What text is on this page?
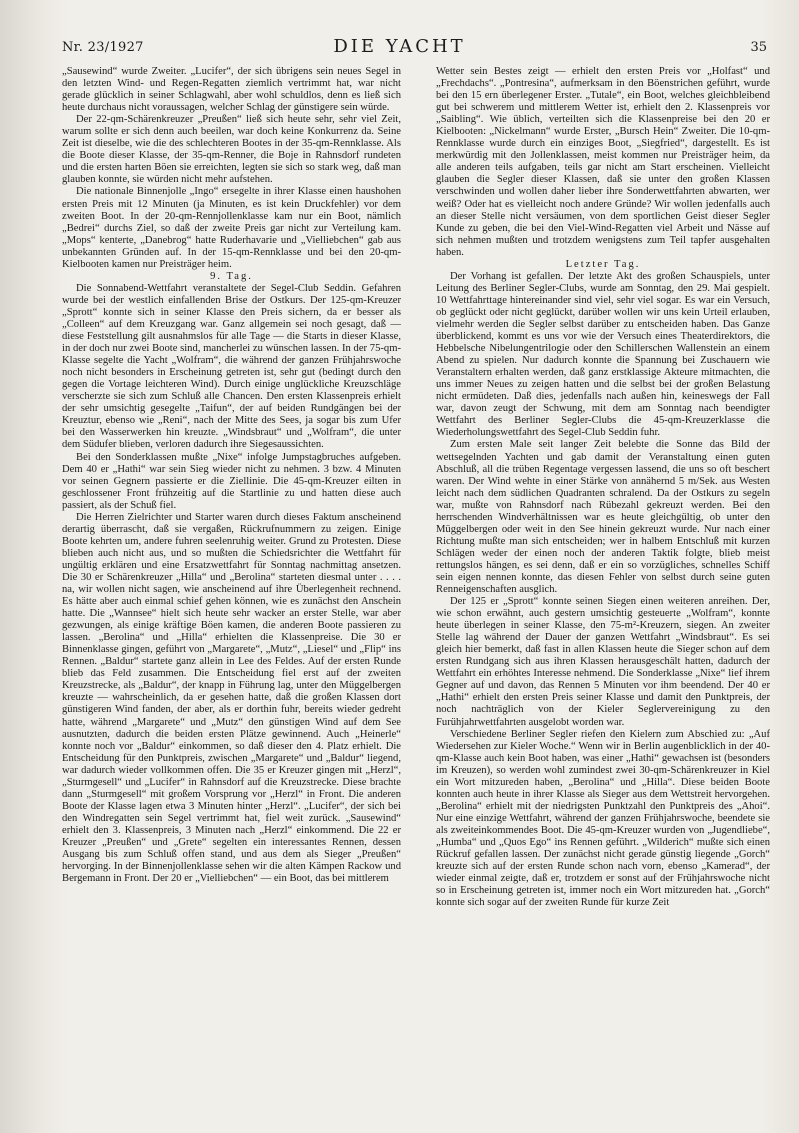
Nr. 23/1927	DIE YACHT	35

„Sausewind“ wurde Zweiter. „Lucifer“, der sich übrigens sein neues Segel in den letzten Wind- und Regen-Regatten ziemlich vertrimmt hat, war nicht gerade glücklich in seiner Schlagwahl, aber wohl schuldlos, denn es ließ sich heute durchaus nicht voraussagen, welcher Schlag der günstigere sein würde.

Der 22-qm-Schärenkreuzer „Preußen“ ließ sich heute sehr, sehr viel Zeit, warum sollte er sich denn auch beeilen, war doch keine Konkurrenz da. Seine Zeit ist dieselbe, wie die des schlechteren Bootes in der 35-qm-Rennklasse. Als die Boote dieser Klasse, der 35-qm-Renner, die Boje in Rahnsdorf rundeten und die ersten harten Böen sie erreichten, legten sie sich so stark weg, daß man glauben konnte, sie würden nicht mehr aufstehen.

Die nationale Binnenjolle „Ingo“ ersegelte in ihrer Klasse einen haushohen ersten Preis mit 12 Minuten (ja Minuten, es ist kein Druckfehler) vor dem zweiten Boot. In der 20-qm-Rennjollenklasse kam nur ein Boot, nämlich „Bedrei“ durchs Ziel, so daß der zweite Preis gar nicht zur Verteilung kam. „Mops“ kenterte, „Danebrog“ hatte Ruderhavarie und „Vielliebchen“ gab aus unbekannten Gründen auf. In der 15-qm-Rennklasse und bei den 20-qm-Kielbooten kamen nur Preisträger heim.

9. Tag.

Die Sonnabend-Wettfahrt veranstaltete der Segel-Club Seddin. Gefahren wurde bei der westlich einfallenden Brise der Ostkurs. Der 125-qm-Kreuzer „Sprott“ konnte sich in seiner Klasse den Preis sichern, da er besser als „Colleen“ auf dem Kreuzgang war. Ganz allgemein sei noch gesagt, daß — diese Feststellung gilt ausnahmslos für alle Tage — die Starts in dieser Klasse, in der doch nur zwei Boote sind, mancherlei zu wünschen lassen. In der 75-qm-Klasse segelte die Yacht „Wolfram“, die während der ganzen Frühjahrswoche noch nicht besonders in Erscheinung getreten ist, sehr gut (bedingt durch den gegen die Vortage leichteren Wind). Durch einige unglückliche Kreuzschläge verscherzte sie sich zum Schluß alle Chancen. Den ersten Klassenpreis erhielt der sehr umsichtig gesegelte „Taifun“, der auf beiden Rundgängen bei der Kreuztur, ebenso wie „Reni“, nach der Mitte des Sees, ja sogar bis zum Ufer bei den Wasserwerken hin kreuzte. „Windsbraut“ und „Wolfram“, die unter dem Südufer blieben, verloren dadurch ihre Siegesaussichten.

Bei den Sonderklassen mußte „Nixe“ infolge Jumpstagbruches aufgeben. Dem 40 er „Hathi“ war sein Sieg wieder nicht zu nehmen. 3 bzw. 4 Minuten vor seinen Gegnern passierte er die Ziellinie. Die 45-qm-Kreuzer eilten in geschlossener Front frühzeitig auf die Startlinie zu und hatten diese auch passiert, als der Schuß fiel.

Die Herren Zielrichter und Starter waren durch dieses Faktum anscheinend derartig überrascht, daß sie vergaßen, Rückrufnummern zu zeigen. Einige Boote kehrten um, andere fuhren seelenruhig weiter. Grund zu Protesten. Diese blieben auch nicht aus, und so mußten die Schiedsrichter die Wettfahrt für ungültig erklären und eine Ersatzwettfahrt für Sonntag nachmittag ansetzen. Die 30 er Schärenkreuzer „Hilla“ und „Berolina“ starteten diesmal unter . . . . na, wir wollen nicht sagen, wie anscheinend auf ihre Überlegenheit rechnend. Es hätte aber auch einmal schief gehen können, wie es zunächst den Anschein hatte. Die „Wannsee“ hielt sich heute sehr wacker an erster Stelle, war aber gezwungen, als einige kräftige Böen kamen, die anderen Boote passieren zu lassen. „Berolina“ und „Hilla“ erhielten die Klassenpreise. Die 30 er Binnenklasse gingen, geführt von „Margarete“, „Mutz“, „Liesel“ und „Flip“ ins Rennen. „Baldur“ startete ganz allein in Lee des Feldes. Auf der ersten Runde blieb das Feld zusammen. Die Entscheidung fiel erst auf der zweiten Kreuzstrecke, als „Baldur“, der knapp in Führung lag, unter den Müggelbergen kreuzte — wahrscheinlich, da er gesehen hatte, daß die großen Klassen dort günstigeren Wind fanden, der aber, als er dorthin fuhr, bereits wieder gedreht hatte, während „Margarete“ und „Mutz“ den günstigen Wind auf dem See ausnutzten, dadurch die beiden ersten Plätze gewinnend. Auch „Heinerle“ konnte noch vor „Baldur“ einkommen, so daß dieser den 4. Platz erhielt. Die Entscheidung für den Punktpreis, zwischen „Margarete“ und „Baldur“ liegend, war dadurch wieder vollkommen offen. Die 35 er Kreuzer gingen mit „Herzl“, „Sturmgesell“ und „Lucifer“ in Rahnsdorf auf die Kreuzstrecke. Diese brachte dann „Sturmgesell“ mit großem Vorsprung vor „Herzl“ in Front. Die anderen Boote der Klasse lagen etwa 3 Minuten hinter „Herzl“. „Lucifer“, der sich bei den Windregatten sein Segel vertrimmt hat, fiel weit zurück. „Sausewind“ erhielt den 3. Klassenpreis, 3 Minuten nach „Herzl“ einkommend. Die 22 er Kreuzer „Preußen“ und „Grete“ segelten ein interessantes Rennen, dessen Ausgang bis zum Schluß offen stand, und aus dem als Sieger „Preußen“ hervorging. In der Binnenjollenklasse sehen wir die alten Kämpen Rackow und Bergemann in Front. Der 20 er „Vielliebchen“ — ein Boot, das bei mittlerem

Wetter sein Bestes zeigt — erhielt den ersten Preis vor „Holfast“ und „Frechdachs“. „Pontresina“, aufmerksam in den Böenstrichen geführt, wurde bei den 15 ern überlegener Erster. „Tutale“, ein Boot, welches gleichbleibend gut bei schwerem und mittlerem Wetter ist, erhielt den 2. Klassenpreis vor „Saibling“. Wie üblich, verteilten sich die Klassenpreise bei den 20 er Kielbooten: „Nickelmann“ wurde Erster, „Bursch Hein“ Zweiter. Die 10-qm-Rennklasse wurde durch ein einziges Boot, „Siegfried“, dargestellt. Es ist merkwürdig mit den Jollenklassen, meist kommen nur Preisträger heim, da alle anderen teils aufgaben, teils gar nicht am Start erscheinen. Vielleicht glauben die Segler dieser Klassen, daß sie unter den großen Klassen verschwinden und wollen daher lieber ihre Sonderwettfahrten abwarten, wer weiß? Oder hat es vielleicht noch andere Gründe? Wir wollen jedenfalls auch an dieser Stelle nicht versäumen, von dem sportlichen Geist dieser Segler Kunde zu geben, die bei den Viel-Wind-Regatten viel Arbeit und Nässe auf sich nehmen mußten und trotzdem wenigstens zum Teil tapfer ausgehalten haben.

Letzter Tag.

Der Vorhang ist gefallen. Der letzte Akt des großen Schauspiels, unter Leitung des Berliner Segler-Clubs, wurde am Sonntag, den 29. Mai gespielt. 10 Wettfahrttage hintereinander sind viel, sehr viel sogar. Es war ein Versuch, ob geglückt oder nicht geglückt, darüber wollen wir uns kein Urteil erlauben, vielmehr werden die Segler selbst darüber zu entscheiden haben. Das Ganze überblickend, kommt es uns vor wie der Versuch eines Theaterdirektors, die Hebbelsche Nibelungentrilogie oder den Schillerschen Wallenstein an einem Abend zu spielen. Nur dadurch konnte die Spannung bei Zuschauern wie Veranstaltern erhalten werden, daß ganz erstklassige Akteure mitmachten, die uns immer Neues zu zeigen hatten und die selbst bei der großen Belastung nicht ermüdeten. Daß dies, jedenfalls nach außen hin, keineswegs der Fall war, davon zeugt der Schwung, mit dem am Sonntag nach beendigter Wettfahrt des Berliner Segler-Clubs die 45-qm-Kreuzerklasse die Wiederholungswettfahrt des Segel-Club Seddin fuhr.

Zum ersten Male seit langer Zeit belebte die Sonne das Bild der wettsegelnden Yachten und gab damit der Veranstaltung einen guten Abschluß, all die trüben Regentage vergessen lassend, die uns so oft beschert waren. Der Wind wehte in einer Stärke von annähernd 5 m/Sek. aus Westen leicht nach dem südlichen Quadranten schralend. Da der Ostkurs zu segeln war, mußte von Rahnsdorf nach Rübezahl gekreuzt werden. Bei den herrschenden Windverhältnissen war es heute gleichgültig, ob unter den Müggelbergen oder weit in den See hinein gekreuzt wurde. Nur nach einer Richtung mußte man sich entscheiden; wer in halbem Entschluß mit kurzen Schlägen weder der einen noch der anderen Taktik folgte, blieb meist rettungslos hängen, es sei denn, daß er ein so vorzügliches, schnelles Schiff sein eigen nennen konnte, das diesen Fehler von selbst durch seine guten Renneigenschaften ausglich.

Der 125 er „Sprott“ konnte seinen Siegen einen weiteren anreihen. Der, wie schon erwähnt, auch gestern umsichtig gesteuerte „Wolfram“, konnte heute überlegen in seiner Klasse, den 75-m²-Kreuzern, siegen. An zweiter Stelle lag während der Dauer der ganzen Wettfahrt „Windsbraut“. Es sei gleich hier bemerkt, daß fast in allen Klassen heute die Sieger schon auf dem ersten Rundgang sich aus ihren Klassen herausgeschält hatten, dadurch der Wettfahrt ein erhöhtes Interesse nehmend. Die Sonderklasse „Nixe“ lief ihrem Gegner auf und davon, das Rennen 5 Minuten vor ihm beendend. Der 40 er „Hathi“ erhielt den ersten Preis seiner Klasse und damit den Punktpreis, der noch nachträglich von der Kieler Seglervereinigung zu den Furühjahrwettfahrten ausgelobt worden war.

Verschiedene Berliner Segler riefen den Kielern zum Abschied zu: „Auf Wiedersehen zur Kieler Woche.“ Wenn wir in Berlin augenblicklich in der 40-qm-Klasse auch kein Boot haben, was einer „Hathi“ gewachsen ist (besonders im Kreuzen), so werden wohl zumindest zwei 30-qm-Schärenkreuzer in Kiel ein Wort mitzureden haben, „Berolina“ und „Hilla“. Diese beiden Boote konnten auch heute in ihrer Klasse als Sieger aus dem Wettstreit hervorgehen. „Berolina“ erhielt mit der niedrigsten Punktzahl den Punktpreis des „Ahoi“. Nur eine einzige Wettfahrt, während der ganzen Frühjahrswoche, beendete sie als zweiteinkommendes Boot. Die 45-qm-Kreuzer wurden von „Jugendliebe“, „Humba“ und „Quos Ego“ ins Rennen geführt. „Wilderich“ mußte sich einen Rückruf gefallen lassen. Der zunächst nicht gerade günstig liegende „Gorch“ kreuzte sich auf der ersten Runde schon nach vorn, ebenso „Kamerad“, der wieder einmal zeigte, daß er, trotzdem er sonst auf der Frühjahrswoche nicht so in Erscheinung getreten ist, immer noch ein Wort mitzureden hat. „Gorch“ konnte sich sogar auf der zweiten Runde für kurze Zeit
